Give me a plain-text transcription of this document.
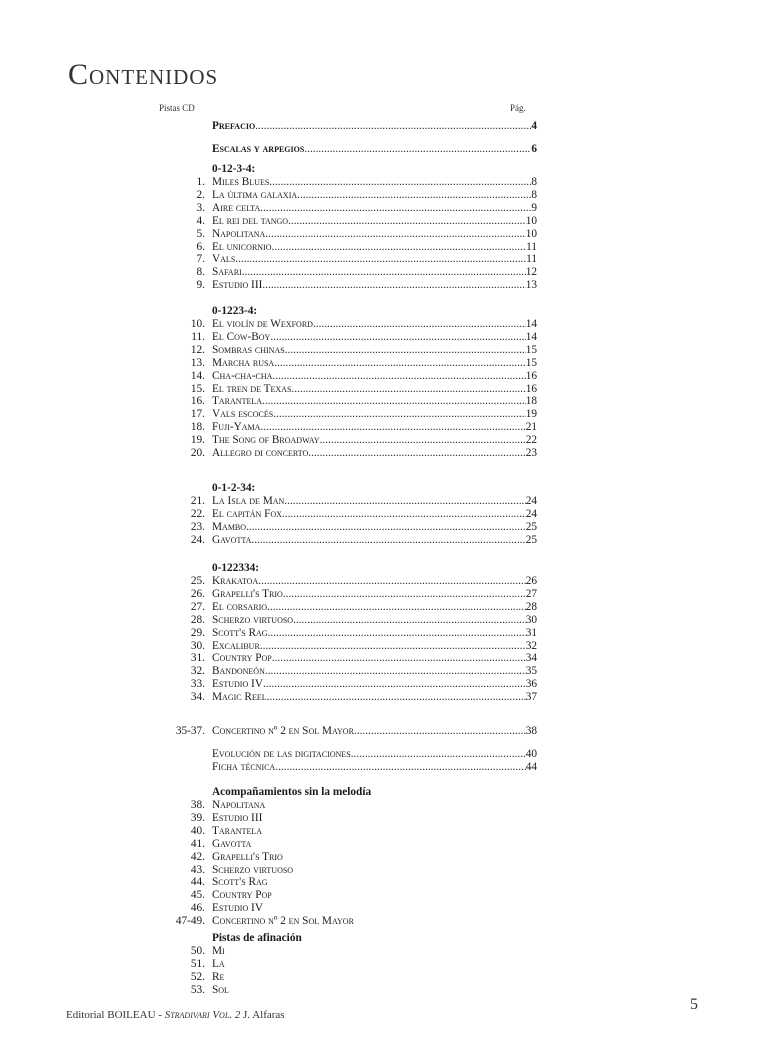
Contenidos
Pistas CD	Pág.
Prefacio .....	4
Escalas y arpegios .....	6
0-12-3-4:
1. Miles Blues .....	8
2. La última galaxia .....	8
3. Aire celta .....	9
4. El rei del tango .....	10
5. Napolitana .....	10
6. El unicornio .....	11
7. Vals .....	11
8. Safari .....	12
9. Estudio III .....	13
0-1223-4:
10. El violín de Wexford .....	14
11. El Cow-Boy .....	14
12. Sombras chinas .....	15
13. Marcha rusa .....	15
14. Cha-cha-cha .....	16
15. El tren de Texas .....	16
16. Tarantela .....	18
17. Vals escocés .....	19
18. Fuji-Yama .....	21
19. The Song of Broadway .....	22
20. Allegro di concerto .....	23
0-1-2-34:
21. La Isla de Man .....	24
22. El capitán Fox .....	24
23. Mambo .....	25
24. Gavotta .....	25
0-122334:
25. Krakatoa .....	26
26. Grapelli's Trio .....	27
27. El corsario .....	28
28. Scherzo virtuoso .....	30
29. Scott's Rag .....	31
30. Excalibur .....	32
31. Country Pop .....	34
32. Bandoneón .....	35
33. Estudio IV .....	36
34. Magic Reel .....	37
35-37. Concertino nº 2 en Sol Mayor .....	38
Evolución de las digitaciones .....	40
Ficha técnica .....	44
Acompañamientos sin la melodía
38. Napolitana
39. Estudio III
40. Tarantela
41. Gavotta
42. Grapelli's Trio
43. Scherzo virtuoso
44. Scott's Rag
45. Country Pop
46. Estudio IV
47-49. Concertino nº 2 en Sol Mayor
Pistas de afinación
50. Mi
51. La
52. Re
53. Sol
Editorial BOILEAU - Stradivari Vol. 2 J. Alfaras
5
